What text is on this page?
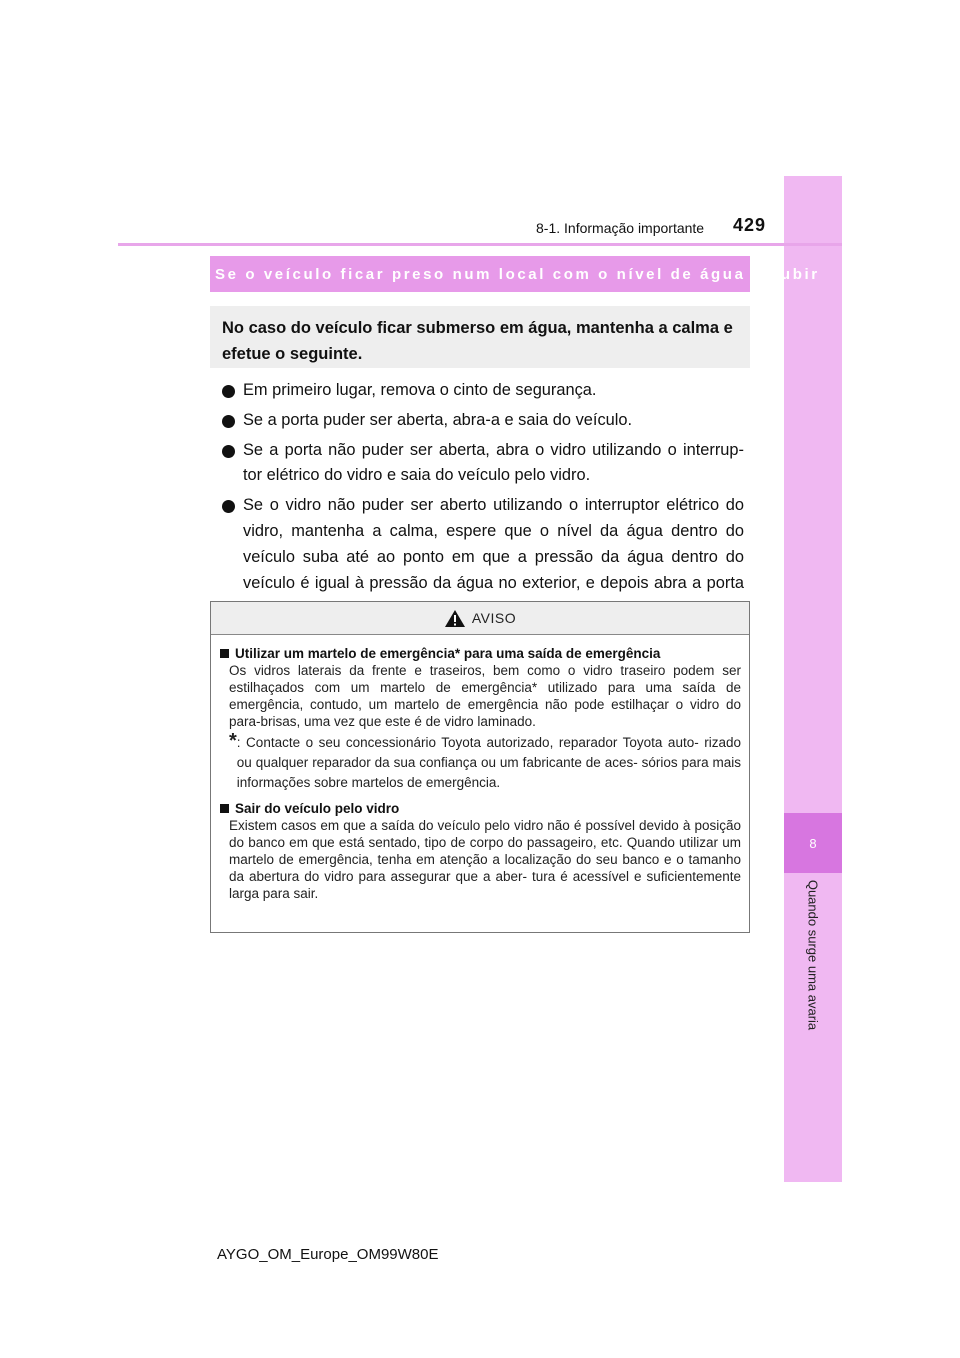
8
Quando surge uma avaria
8-1. Informação importante 429
Se o veículo ficar preso num local com o nível de água a subir
No caso do veículo ficar submerso em água, mantenha a calma e efetue o seguinte.
Em primeiro lugar, remova o cinto de segurança.
Se a porta puder ser aberta, abra-a e saia do veículo.
Se a porta não puder ser aberta, abra o vidro utilizando o interrup- tor elétrico do vidro e saia do veículo pelo vidro.
Se o vidro não puder ser aberto utilizando o interruptor elétrico do vidro, mantenha a calma, espere que o nível da água dentro do veículo suba até ao ponto em que a pressão da água dentro do veículo é igual à pressão da água no exterior, e depois abra a porta
AVISO
Utilizar um martelo de emergência* para uma saída de emergência
Os vidros laterais da frente e traseiros, bem como o vidro traseiro podem ser estilhaçados com um martelo de emergência* utilizado para uma saída de emergência, contudo, um martelo de emergência não pode estilhaçar o vidro do para-brisas, uma vez que este é de vidro laminado.
* : Contacte o seu concessionário Toyota autorizado, reparador Toyota auto- rizado ou qualquer reparador da sua confiança ou um fabricante de aces- sórios para mais informações sobre martelos de emergência.
Sair do veículo pelo vidro
Existem casos em que a saída do veículo pelo vidro não é possível devido à posição do banco em que está sentado, tipo de corpo do passageiro, etc. Quando utilizar um martelo de emergência, tenha em atenção a localização do seu banco e o tamanho da abertura do vidro para assegurar que a aber- tura é acessível e suficientemente larga para sair.
AYGO_OM_Europe_OM99W80E
